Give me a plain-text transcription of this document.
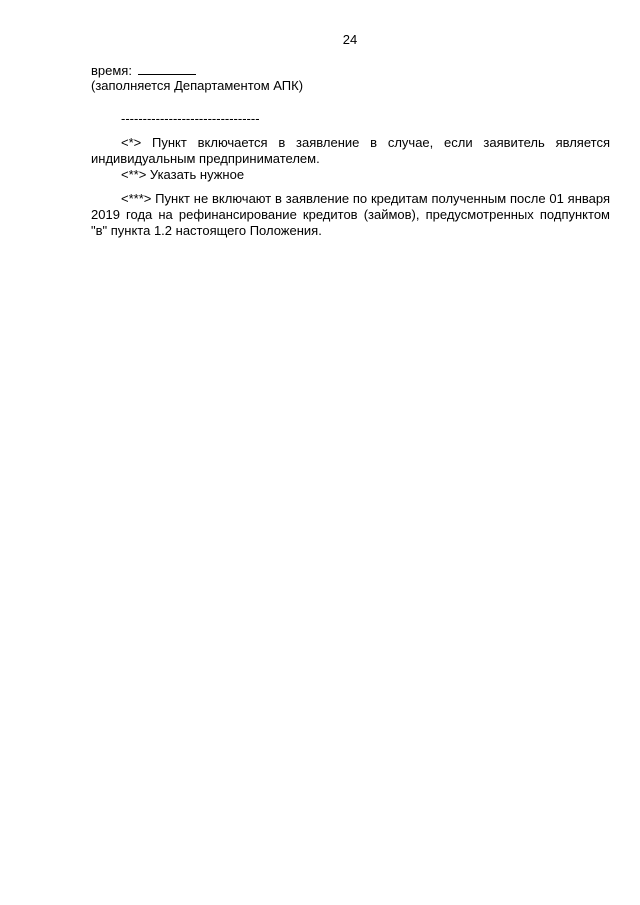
24
время:
(заполняется Департаментом АПК)
--------------------------------

<*> Пункт включается в заявление в случае, если заявитель является индивидуальным предпринимателем.

<**> Указать нужное

<***> Пункт не включают в заявление по кредитам полученным после 01 января 2019 года на рефинансирование кредитов (займов), предусмотренных подпунктом "в" пункта 1.2 настоящего Положения.
